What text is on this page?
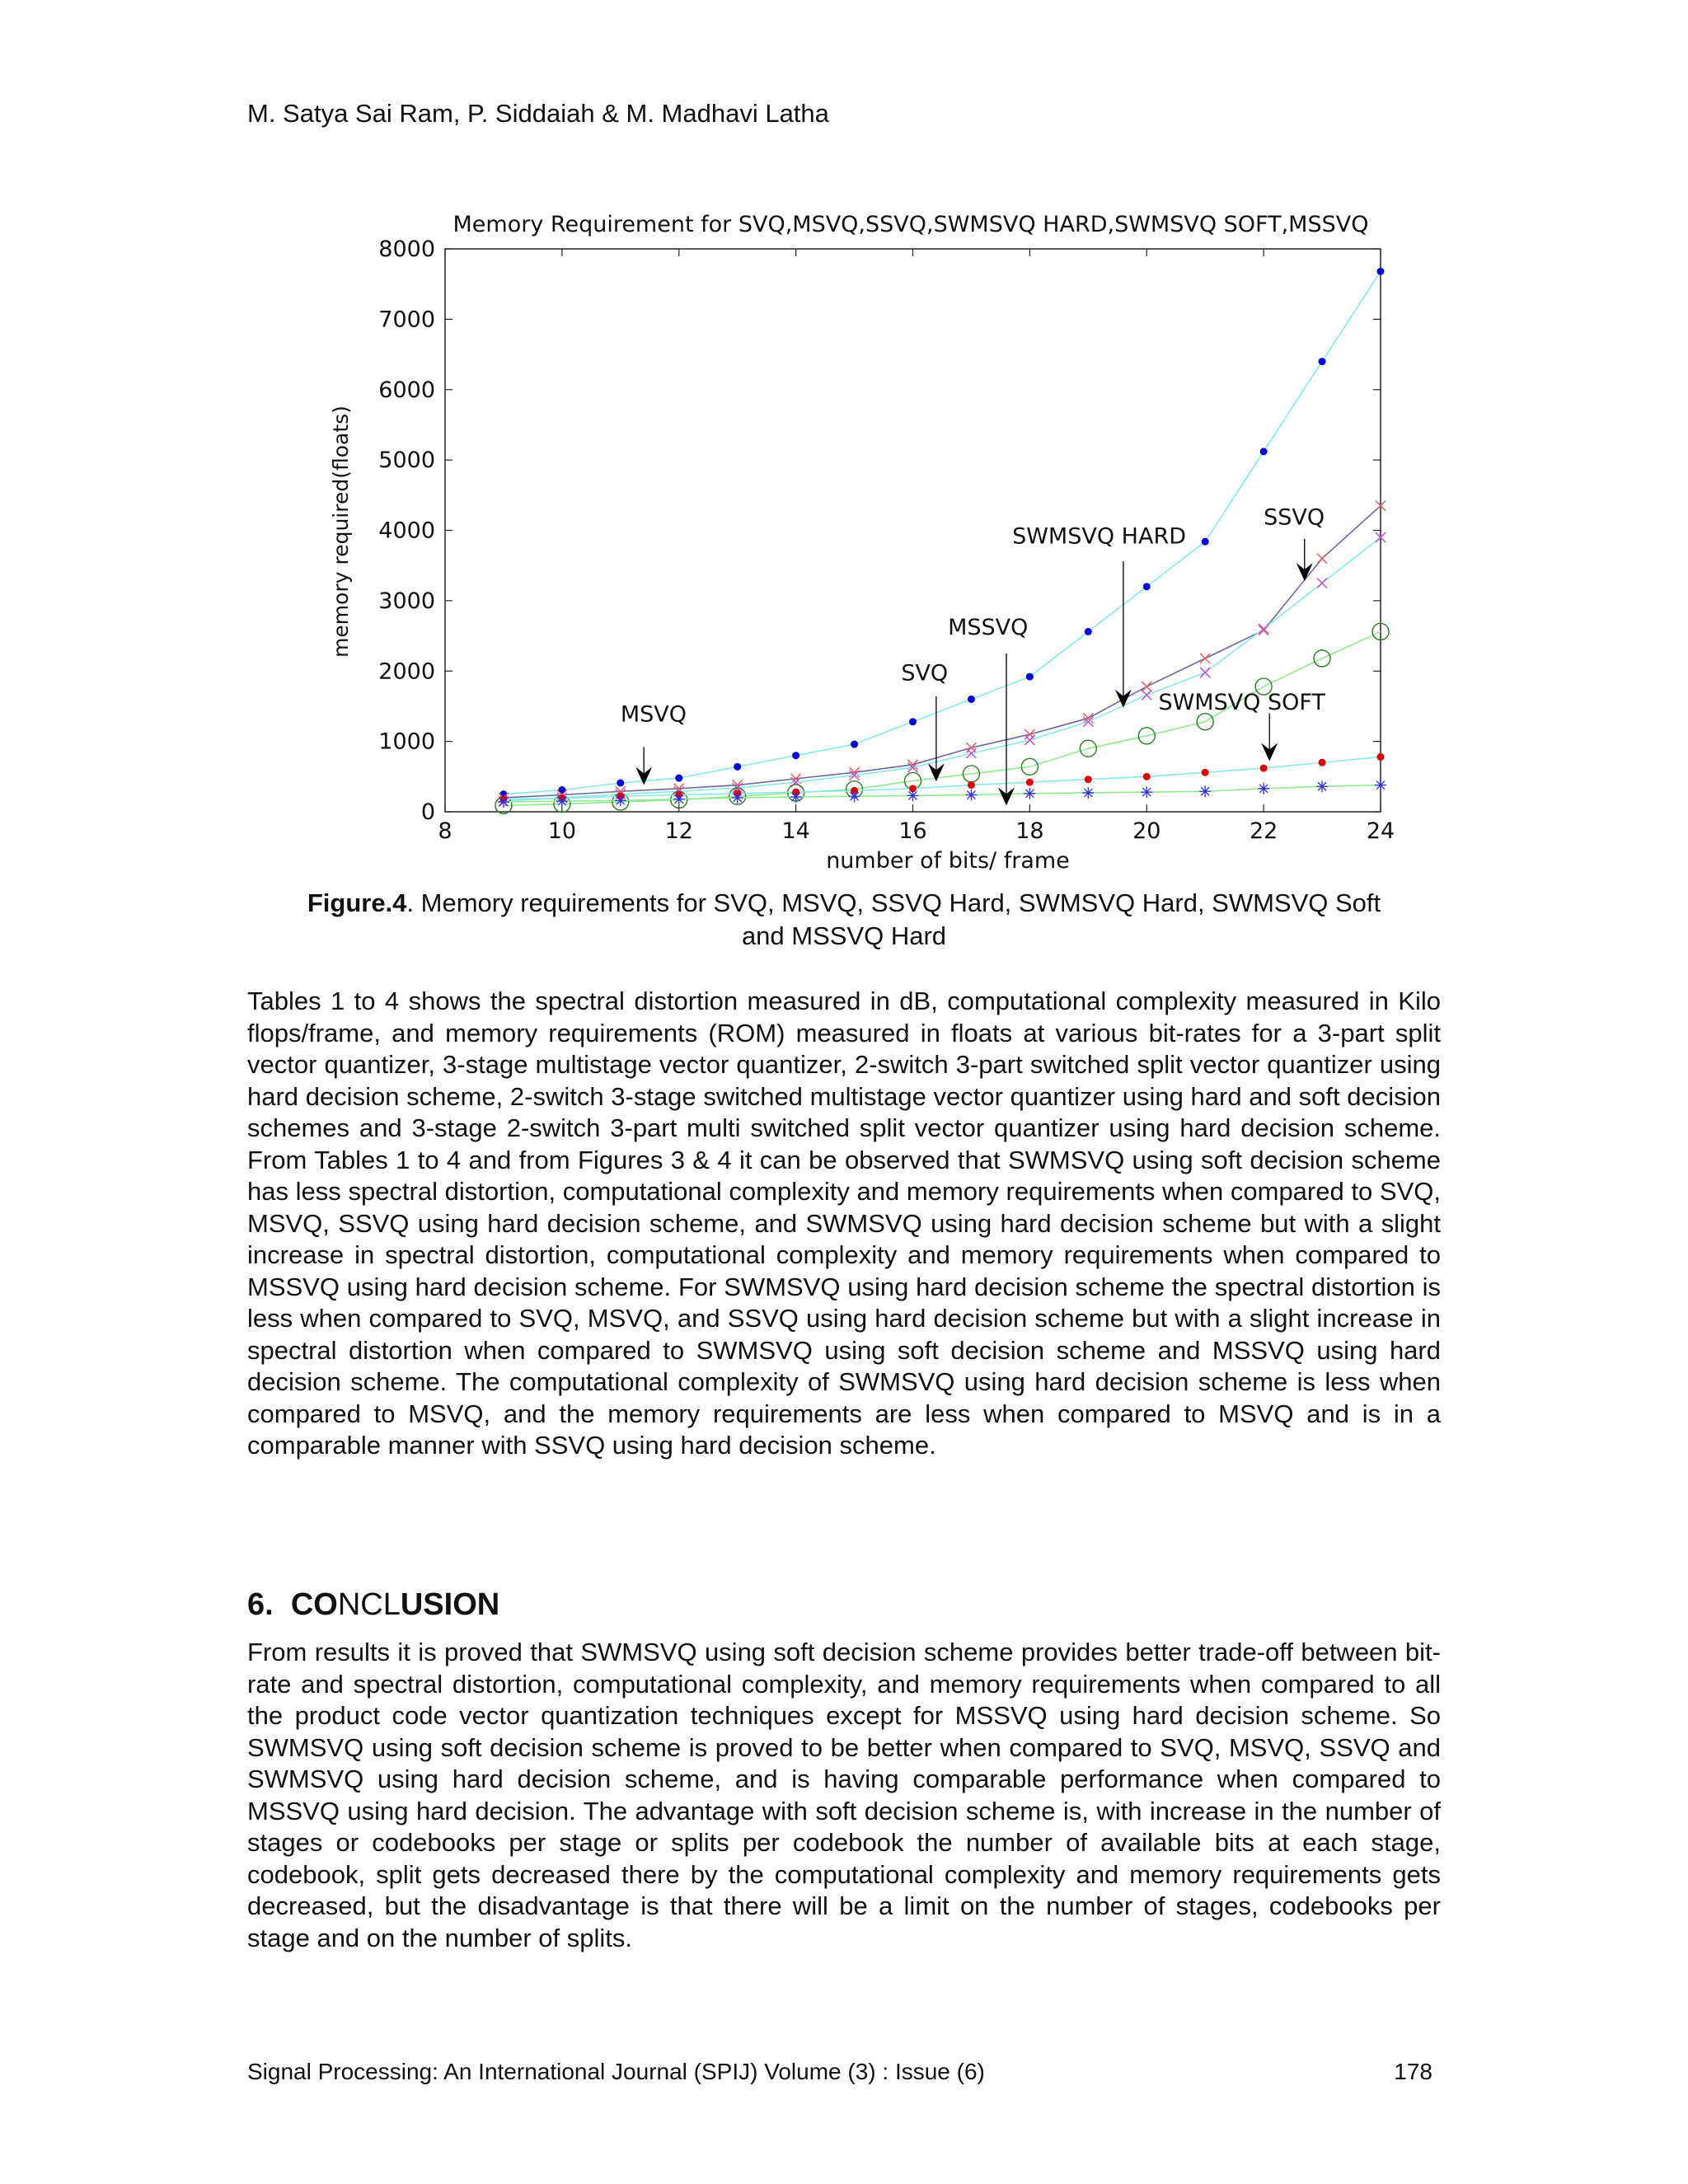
M. Satya Sai Ram, P. Siddaiah & M. Madhavi Latha
Memory Requirement for SVQ,MSVQ,SSVQ,SWMSVQ HARD,SWMSVQ SOFT,MSSVQ
memory required(floats)
number of bits/ frame
8	10	12	14	16	18	20	22	24
0
1000
2000
3000
4000
5000
6000
7000
8000
MSVQ
SVQ
MSSVQ
SWMSVQ HARD
SSVQ
SWMSVQ SOFT
Figure.4. Memory requirements for SVQ, MSVQ, SSVQ Hard, SWMSVQ Hard, SWMSVQ Soft
and MSSVQ Hard

Tables 1 to 4 shows the spectral distortion measured in dB, computational complexity measured in Kilo flops/frame, and memory requirements (ROM) measured in floats at various bit-rates for a 3-part split vector quantizer, 3-stage multistage vector quantizer, 2-switch 3-part switched split vector quantizer using hard decision scheme, 2-switch 3-stage switched multistage vector quantizer using hard and soft decision schemes and 3-stage 2-switch 3-part multi switched split vector quantizer using hard decision scheme. From Tables 1 to 4 and from Figures 3 & 4 it can be observed that SWMSVQ using soft decision scheme has less spectral distortion, computational complexity and memory requirements when compared to SVQ, MSVQ, SSVQ using hard decision scheme, and SWMSVQ using hard decision scheme but with a slight increase in spectral distortion, computational complexity and memory requirements when compared to MSSVQ using hard decision scheme. For SWMSVQ using hard decision scheme the spectral distortion is less when compared to SVQ, MSVQ, and SSVQ using hard decision scheme but with a slight increase in spectral distortion when compared to SWMSVQ using soft decision scheme and MSSVQ using hard decision scheme. The computational complexity of SWMSVQ using hard decision scheme is less when compared to MSVQ, and the memory requirements are less when compared to MSVQ and is in a comparable manner with SSVQ using hard decision scheme.

6. CONCLUSION

From results it is proved that SWMSVQ using soft decision scheme provides better trade-off between bit-rate and spectral distortion, computational complexity, and memory requirements when compared to all the product code vector quantization techniques except for MSSVQ using hard decision scheme. So SWMSVQ using soft decision scheme is proved to be better when compared to SVQ, MSVQ, SSVQ and SWMSVQ using hard decision scheme, and is having comparable performance when compared to MSSVQ using hard decision. The advantage with soft decision scheme is, with increase in the number of stages or codebooks per stage or splits per codebook the number of available bits at each stage, codebook, split gets decreased there by the computational complexity and memory requirements gets decreased, but the disadvantage is that there will be a limit on the number of stages, codebooks per stage and on the number of splits.

Signal Processing: An International Journal (SPIJ) Volume (3) : Issue (6)	178
